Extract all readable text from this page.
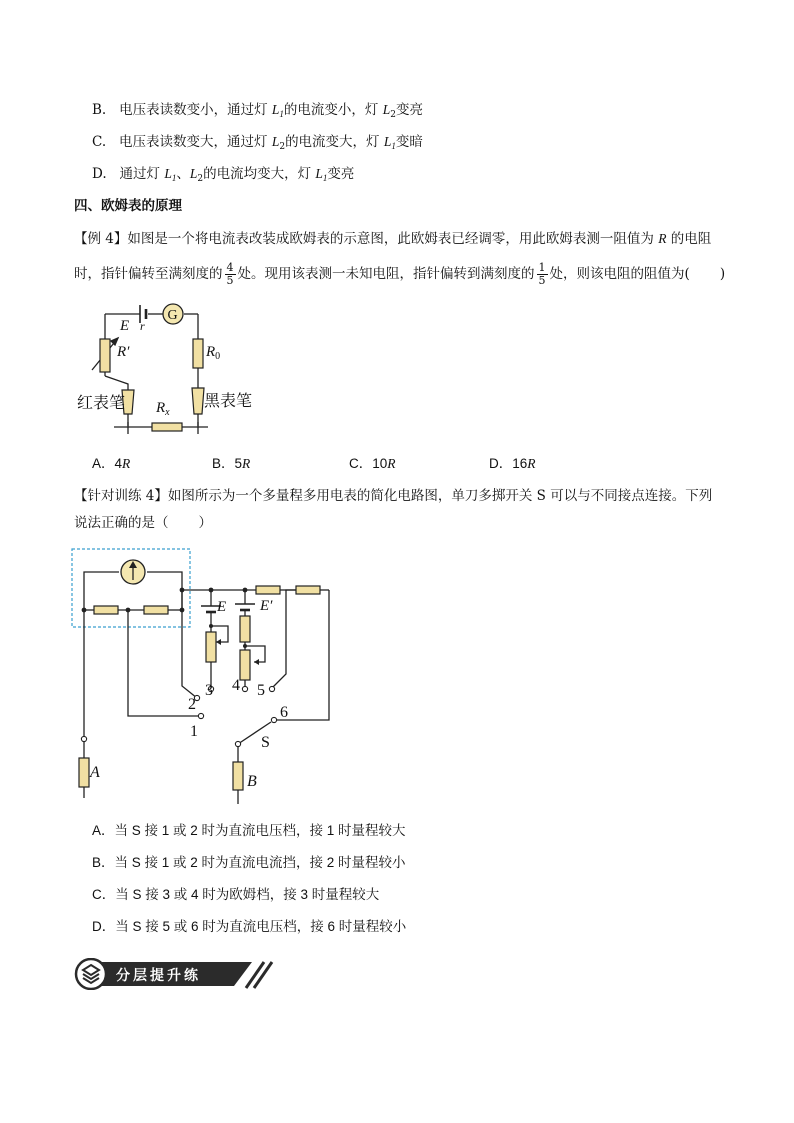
B. 电压表读数变小，通过灯 $L_1$的电流变小，灯 $L_2$变亮
C. 电压表读数变大，通过灯 $L_2$的电流变大，灯 $L_1$变暗
D. 通过灯 $L_1$、$L_2$的电流均变大，灯 $L_1$变亮
四、欧姆表的原理
【例 4】如图是一个将电流表改装成欧姆表的示意图，此欧姆表已经调零，用此欧姆表测一阻值为 R 的电阻
时，指针偏转至满刻度的 $\frac{4}{5}$ 处。现用该表测一未知电阻，指针偏转到满刻度的 $\frac{1}{5}$ 处，则该电阻的阻值为( )
G
E r
R′	$R_0$
红表笔	黑表笔
$R_x$
A．4R	B．5R	C．10R	D．16R
【针对训练 4】如图所示为一个多量程多用电表的简化电路图，单刀多掷开关 S 可以与不同接点连接。下列
说法正确的是（ ）
E E′
1
2
3 4 5
6
S
A
B
A．当 S 接 1 或 2 时为直流电压档，接 1 时量程较大
B．当 S 接 1 或 2 时为直流电流挡，接 2 时量程较小
C．当 S 接 3 或 4 时为欧姆档，接 3 时量程较大
D．当 S 接 5 或 6 时为直流电压档，接 6 时量程较小
分层提升练
